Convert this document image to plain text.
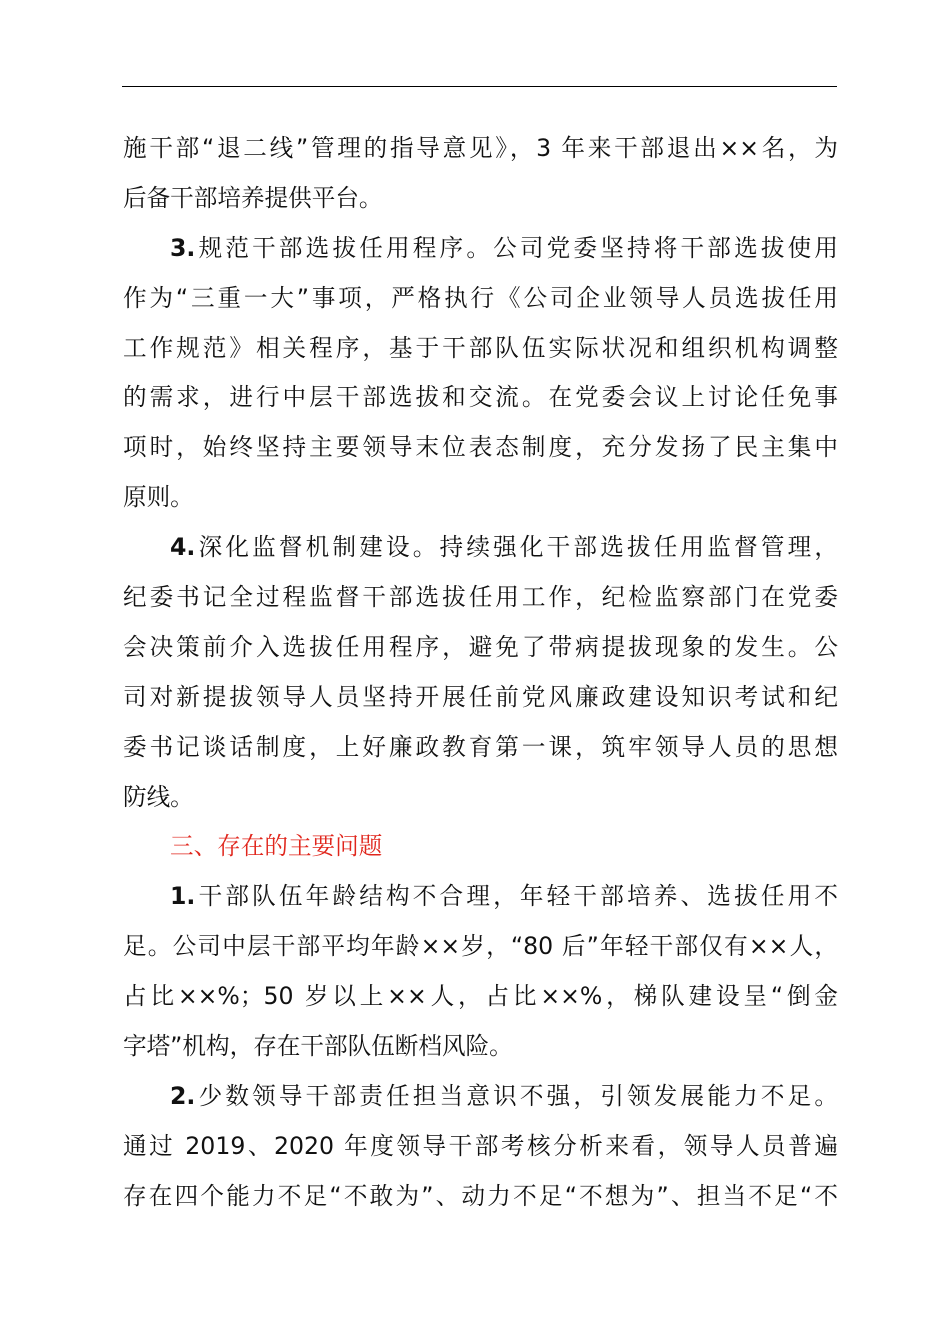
施干部“退二线”管理的指导意见》，3 年来干部退出××名，为
后备干部培养提供平台。
3.规范干部选拔任用程序。公司党委坚持将干部选拔使用
作为“三重一大”事项，严格执行《公司企业领导人员选拔任用
工作规范》相关程序，基于干部队伍实际状况和组织机构调整
的需求，进行中层干部选拔和交流。在党委会议上讨论任免事
项时，始终坚持主要领导末位表态制度，充分发扬了民主集中
原则。
4.深化监督机制建设。持续强化干部选拔任用监督管理，
纪委书记全过程监督干部选拔任用工作，纪检监察部门在党委
会决策前介入选拔任用程序，避免了带病提拔现象的发生。公
司对新提拔领导人员坚持开展任前党风廉政建设知识考试和纪
委书记谈话制度，上好廉政教育第一课，筑牢领导人员的思想
防线。
三、存在的主要问题
1.干部队伍年龄结构不合理，年轻干部培养、选拔任用不
足。公司中层干部平均年龄××岁，“80 后”年轻干部仅有××人，
占比××%；50 岁以上××人，占比××%，梯队建设呈“倒金
字塔”机构，存在干部队伍断档风险。
2.少数领导干部责任担当意识不强，引领发展能力不足。
通过 2019、2020 年度领导干部考核分析来看，领导人员普遍
存在四个能力不足“不敢为”、动力不足“不想为”、担当不足“不
